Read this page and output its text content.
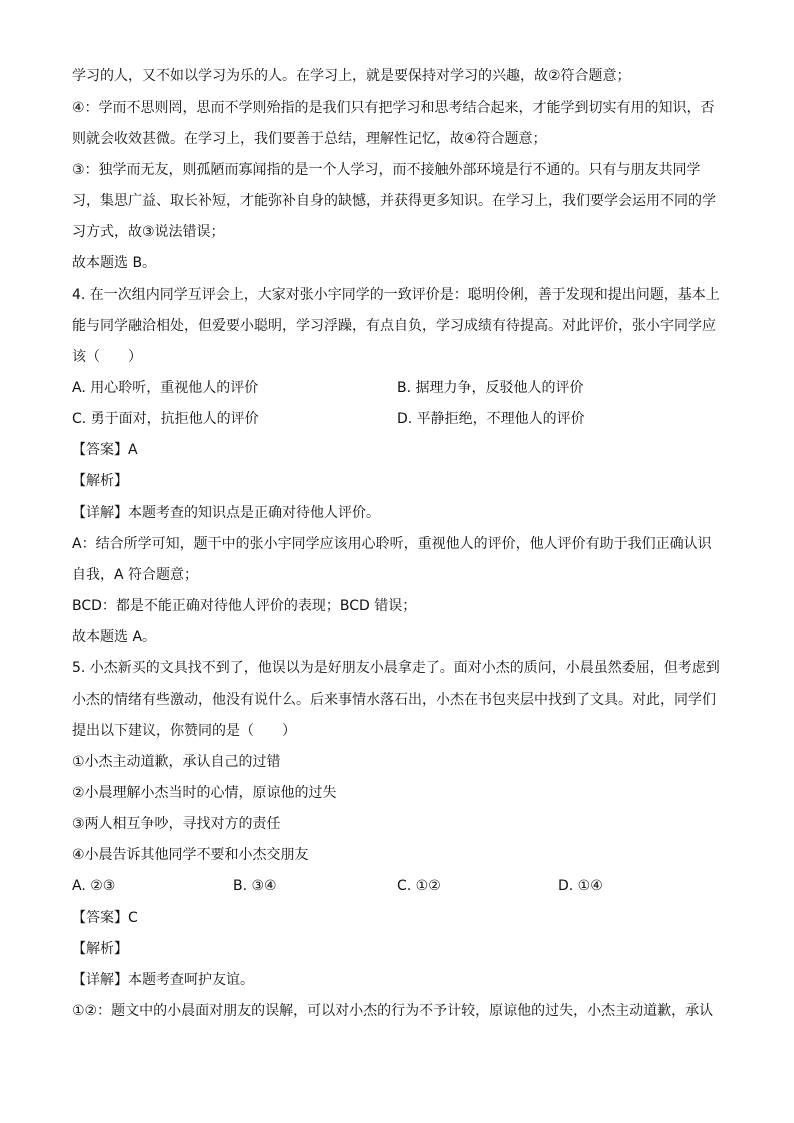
学习的人，又不如以学习为乐的人。在学习上，就是要保持对学习的兴趣，故②符合题意；
④：学而不思则罔，思而不学则殆指的是我们只有把学习和思考结合起来，才能学到切实有用的知识，否
则就会收效甚微。在学习上，我们要善于总结，理解性记忆，故④符合题意；
③：独学而无友，则孤陋而寡闻指的是一个人学习，而不接触外部环境是行不通的。只有与朋友共同学
习，集思广益、取长补短，才能弥补自身的缺憾，并获得更多知识。在学习上，我们要学会运用不同的学
习方式，故③说法错误；
故本题选 B。
4. 在一次组内同学互评会上，大家对张小宇同学的一致评价是：聪明伶俐，善于发现和提出问题，基本上
能与同学融洽相处，但爱要小聪明，学习浮躁，有点自负，学习成绩有待提高。对此评价，张小宇同学应
该（　　）
A. 用心聆听，重视他人的评价	B. 据理力争，反驳他人的评价
C. 勇于面对，抗拒他人的评价	D. 平静拒绝，不理他人的评价
【答案】A
【解析】
【详解】本题考查的知识点是正确对待他人评价。
A：结合所学可知，题干中的张小宇同学应该用心聆听，重视他人的评价，他人评价有助于我们正确认识
自我，A 符合题意；
BCD：都是不能正确对待他人评价的表现；BCD 错误；
故本题选 A。
5. 小杰新买的文具找不到了，他误以为是好朋友小晨拿走了。面对小杰的质问，小晨虽然委屈，但考虑到
小杰的情绪有些激动，他没有说什么。后来事情水落石出，小杰在书包夹层中找到了文具。对此，同学们
提出以下建议，你赞同的是（　　）
①小杰主动道歉，承认自己的过错
②小晨理解小杰当时的心情，原谅他的过失
③两人相互争吵，寻找对方的责任
④小晨告诉其他同学不要和小杰交朋友
A. ②③	B. ③④	C. ①②	D. ①④
【答案】C
【解析】
【详解】本题考查呵护友谊。
①②：题文中的小晨面对朋友的误解，可以对小杰的行为不予计较，原谅他的过失，小杰主动道歉，承认
